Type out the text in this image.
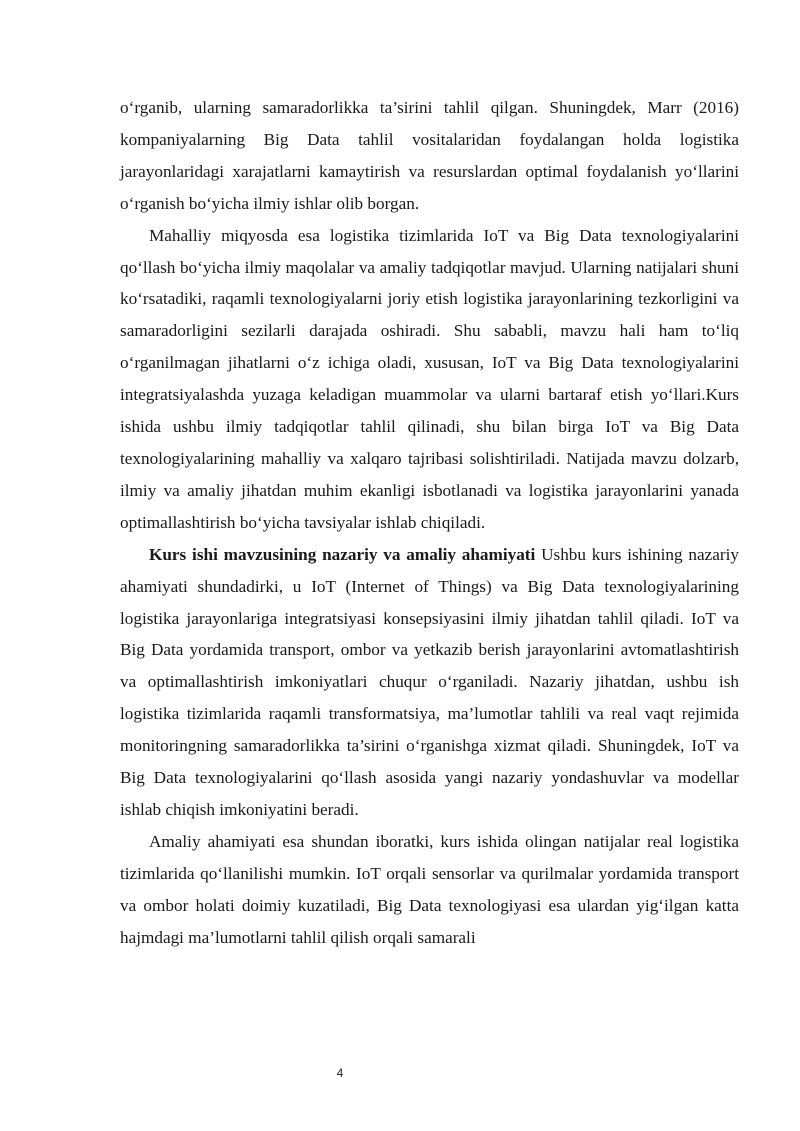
o‘rganib, ularning samaradorlikka ta’sirini tahlil qilgan. Shuningdek, Marr (2016) kompaniyalarning Big Data tahlil vositalaridan foydalangan holda logistika jarayonlaridagi xarajatlarni kamaytirish va resurslardan optimal foydalanish yo‘llarini o‘rganish bo‘yicha ilmiy ishlar olib borgan.

Mahalliy miqyosda esa logistika tizimlarida IoT va Big Data texnologiyalarini qo‘llash bo‘yicha ilmiy maqolalar va amaliy tadqiqotlar mavjud. Ularning natijalari shuni ko‘rsatadiki, raqamli texnologiyalarni joriy etish logistika jarayonlarining tezkorligini va samaradorligini sezilarli darajada oshiradi. Shu sababli, mavzu hali ham to‘liq o‘rganilmagan jihatlarni o‘z ichiga oladi, xususan, IoT va Big Data texnologiyalarini integratsiyalashda yuzaga keladigan muammolar va ularni bartaraf etish yo‘llari.Kurs ishida ushbu ilmiy tadqiqotlar tahlil qilinadi, shu bilan birga IoT va Big Data texnologiyalarining mahalliy va xalqaro tajribasi solishtiriladi. Natijada mavzu dolzarb, ilmiy va amaliy jihatdan muhim ekanligi isbotlanadi va logistika jarayonlarini yanada optimallashtirish bo‘yicha tavsiyalar ishlab chiqiladi.

Kurs ishi mavzusining nazariy va amaliy ahamiyati Ushbu kurs ishining nazariy ahamiyati shundadirki, u IoT (Internet of Things) va Big Data texnologiyalarining logistika jarayonlariga integratsiyasi konsepsiyasini ilmiy jihatdan tahlil qiladi. IoT va Big Data yordamida transport, ombor va yetkazib berish jarayonlarini avtomatlashtirish va optimallashtirish imkoniyatlari chuqur o‘rganiladi. Nazariy jihatdan, ushbu ish logistika tizimlarida raqamli transformatsiya, ma’lumotlar tahlili va real vaqt rejimida monitoringning samaradorlikka ta’sirini o‘rganishga xizmat qiladi. Shuningdek, IoT va Big Data texnologiyalarini qo‘llash asosida yangi nazariy yondashuvlar va modellar ishlab chiqish imkoniyatini beradi.

Amaliy ahamiyati esa shundan iboratki, kurs ishida olingan natijalar real logistika tizimlarida qo‘llanilishi mumkin. IoT orqali sensorlar va qurilmalar yordamida transport va ombor holati doimiy kuzatiladi, Big Data texnologiyasi esa ulardan yig‘ilgan katta hajmdagi ma’lumotlarni tahlil qilish orqali samarali

4
